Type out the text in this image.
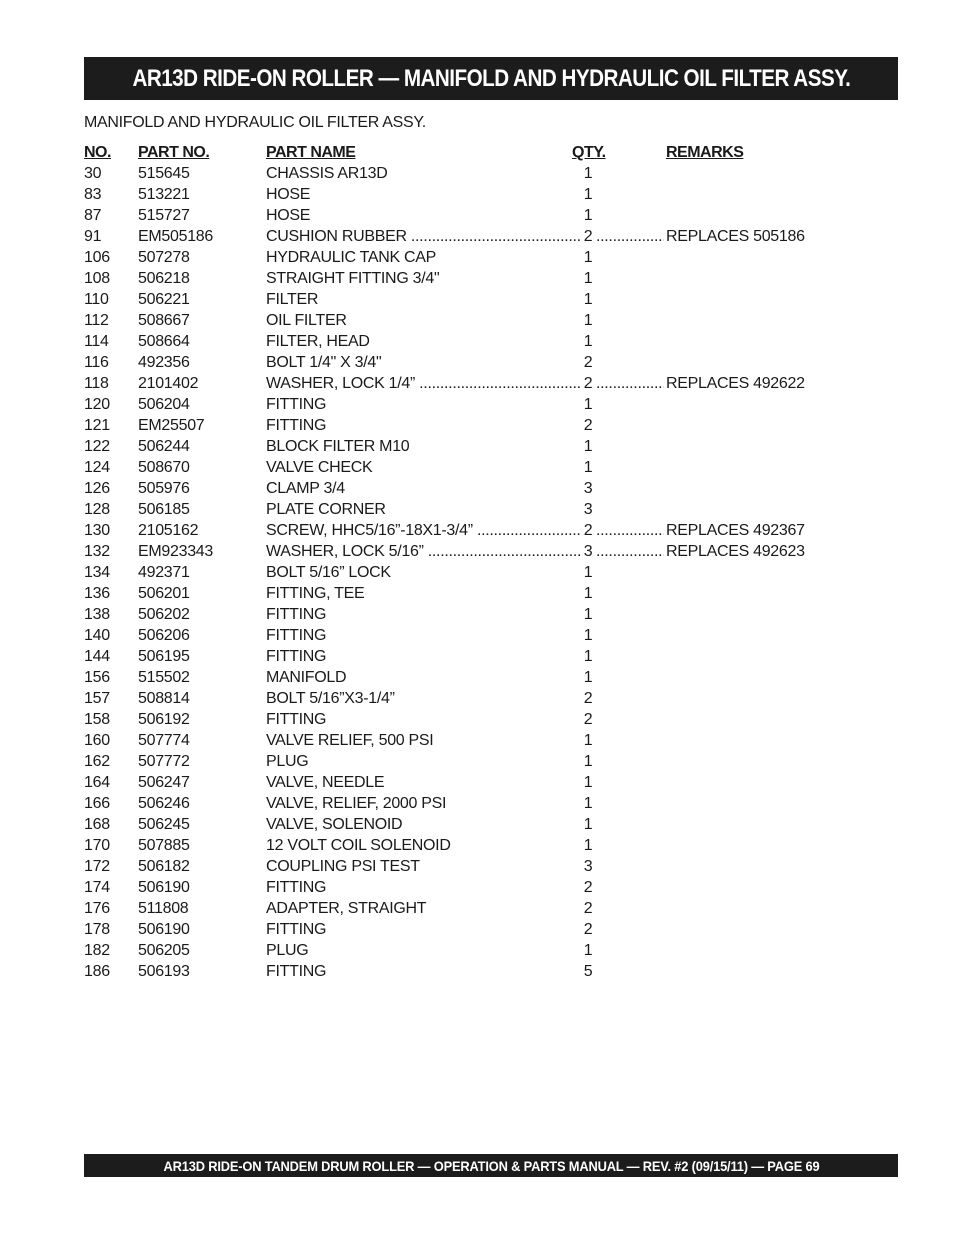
AR13D RIDE-ON ROLLER — MANIFOLD AND HYDRAULIC OIL FILTER ASSY.
MANIFOLD AND HYDRAULIC OIL FILTER ASSY.
NO. PART NO.	PART NAME	QTY.	REMARKS
30 515645	CHASSIS AR13D	1
83 513221	HOSE	1
87 515727	HOSE	1
91 EM505186	CUSHION RUBBER .....	2 .....	REPLACES 505186
106 507278	HYDRAULIC TANK CAP	1
108 506218	STRAIGHT FITTING 3/4"	1
110 506221	FILTER	1
112 508667	OIL FILTER	1
114 508664	FILTER, HEAD	1
116 492356	BOLT 1/4" X 3/4"	2
118 2101402	WASHER, LOCK 1/4” .....	2 .....	REPLACES 492622
120 506204	FITTING	1
121 EM25507	FITTING	2
122 506244	BLOCK FILTER M10	1
124 508670	VALVE CHECK	1
126 505976	CLAMP 3/4	3
128 506185	PLATE CORNER	3
130 2105162	SCREW, HHC5/16”-18X1-3/4” .....	2 .....	REPLACES 492367
132 EM923343	WASHER, LOCK 5/16” .....	3 .....	REPLACES 492623
134 492371	BOLT 5/16” LOCK	1
136 506201	FITTING, TEE	1
138 506202	FITTING	1
140 506206	FITTING	1
144 506195	FITTING	1
156 515502	MANIFOLD	1
157 508814	BOLT 5/16”X3-1/4”	2
158 506192	FITTING	2
160 507774	VALVE RELIEF, 500 PSI	1
162 507772	PLUG	1
164 506247	VALVE, NEEDLE	1
166 506246	VALVE, RELIEF, 2000 PSI	1
168 506245	VALVE, SOLENOID	1
170 507885	12 VOLT COIL SOLENOID	1
172 506182	COUPLING PSI TEST	3
174 506190	FITTING	2
176 511808	ADAPTER, STRAIGHT	2
178 506190	FITTING	2
182 506205	PLUG	1
186 506193	FITTING	5
AR13D RIDE-ON TANDEM DRUM ROLLER — OPERATION & PARTS MANUAL — REV. #2 (09/15/11) — PAGE 69
